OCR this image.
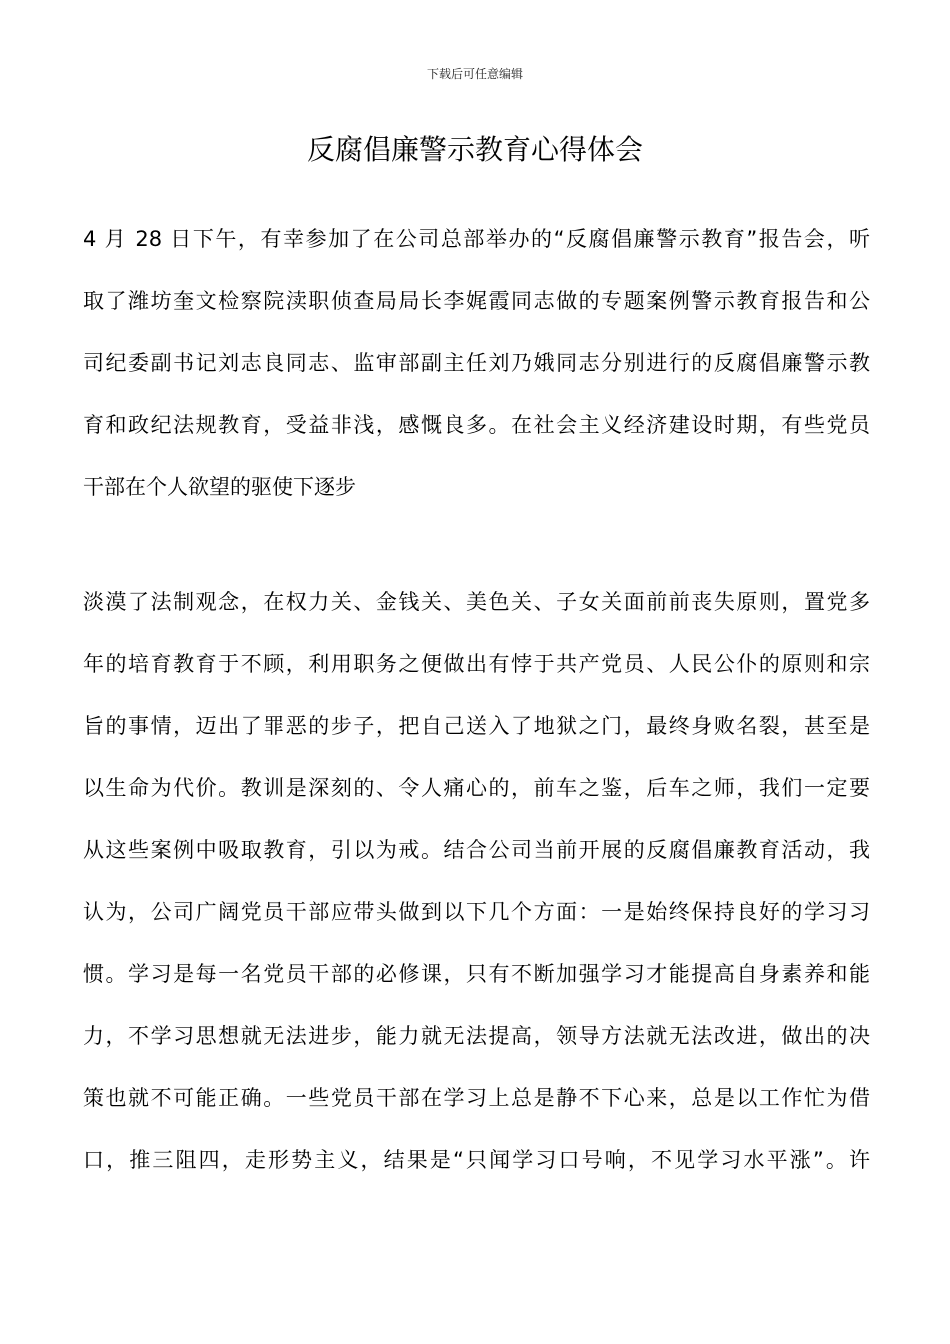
下载后可任意编辑
反腐倡廉警示教育心得体会
4 月 28 日下午，有幸参加了在公司总部举办的“反腐倡廉警示教育”报告会，听
取了潍坊奎文检察院渎职侦查局局长李娓霞同志做的专题案例警示教育报告和公
司纪委副书记刘志良同志、监审部副主任刘乃娥同志分别进行的反腐倡廉警示教
育和政纪法规教育，受益非浅，感慨良多。在社会主义经济建设时期，有些党员
干部在个人欲望的驱使下逐步
淡漠了法制观念，在权力关、金钱关、美色关、子女关面前前丧失原则，置党多
年的培育教育于不顾，利用职务之便做出有悖于共产党员、人民公仆的原则和宗
旨的事情，迈出了罪恶的步子，把自己送入了地狱之门，最终身败名裂，甚至是
以生命为代价。教训是深刻的、令人痛心的，前车之鉴，后车之师，我们一定要
从这些案例中吸取教育，引以为戒。结合公司当前开展的反腐倡廉教育活动，我
认为，公司广阔党员干部应带头做到以下几个方面：一是始终保持良好的学习习
惯。学习是每一名党员干部的必修课，只有不断加强学习才能提高自身素养和能
力，不学习思想就无法进步，能力就无法提高，领导方法就无法改进，做出的决
策也就不可能正确。一些党员干部在学习上总是静不下心来，总是以工作忙为借
口，推三阻四，走形势主义，结果是“只闻学习口号响，不见学习水平涨”。许
